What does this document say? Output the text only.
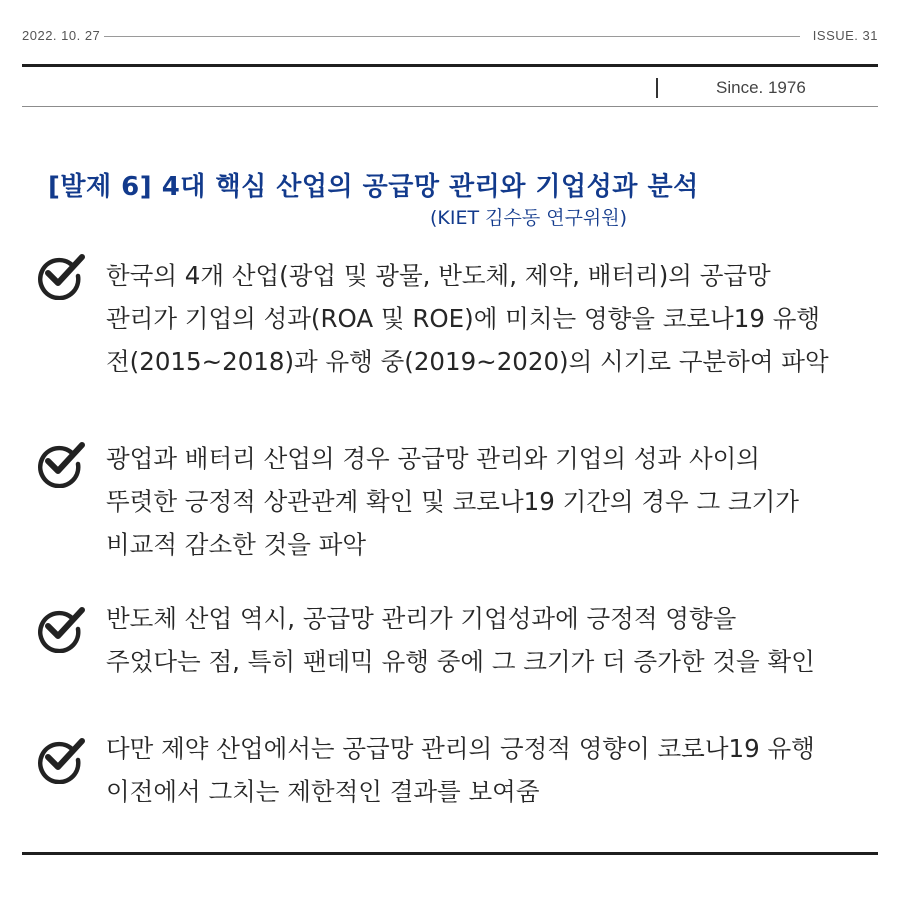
2022. 10. 27	ISSUE. 31
Since. 1976
[발제 6] 4대 핵심 산업의 공급망 관리와 기업성과 분석
(KIET 김수동 연구위원)
한국의 4개 산업(광업 및 광물, 반도체, 제약, 배터리)의 공급망
관리가 기업의 성과(ROA 및 ROE)에 미치는 영향을 코로나19 유행
전(2015~2018)과 유행 중(2019~2020)의 시기로 구분하여 파악
광업과 배터리 산업의 경우 공급망 관리와 기업의 성과 사이의
뚜렷한 긍정적 상관관계 확인 및 코로나19 기간의 경우 그 크기가
비교적 감소한 것을 파악
반도체 산업 역시, 공급망 관리가 기업성과에 긍정적 영향을
주었다는 점, 특히 팬데믹 유행 중에 그 크기가 더 증가한 것을 확인
다만 제약 산업에서는 공급망 관리의 긍정적 영향이 코로나19 유행
이전에서 그치는 제한적인 결과를 보여줌
